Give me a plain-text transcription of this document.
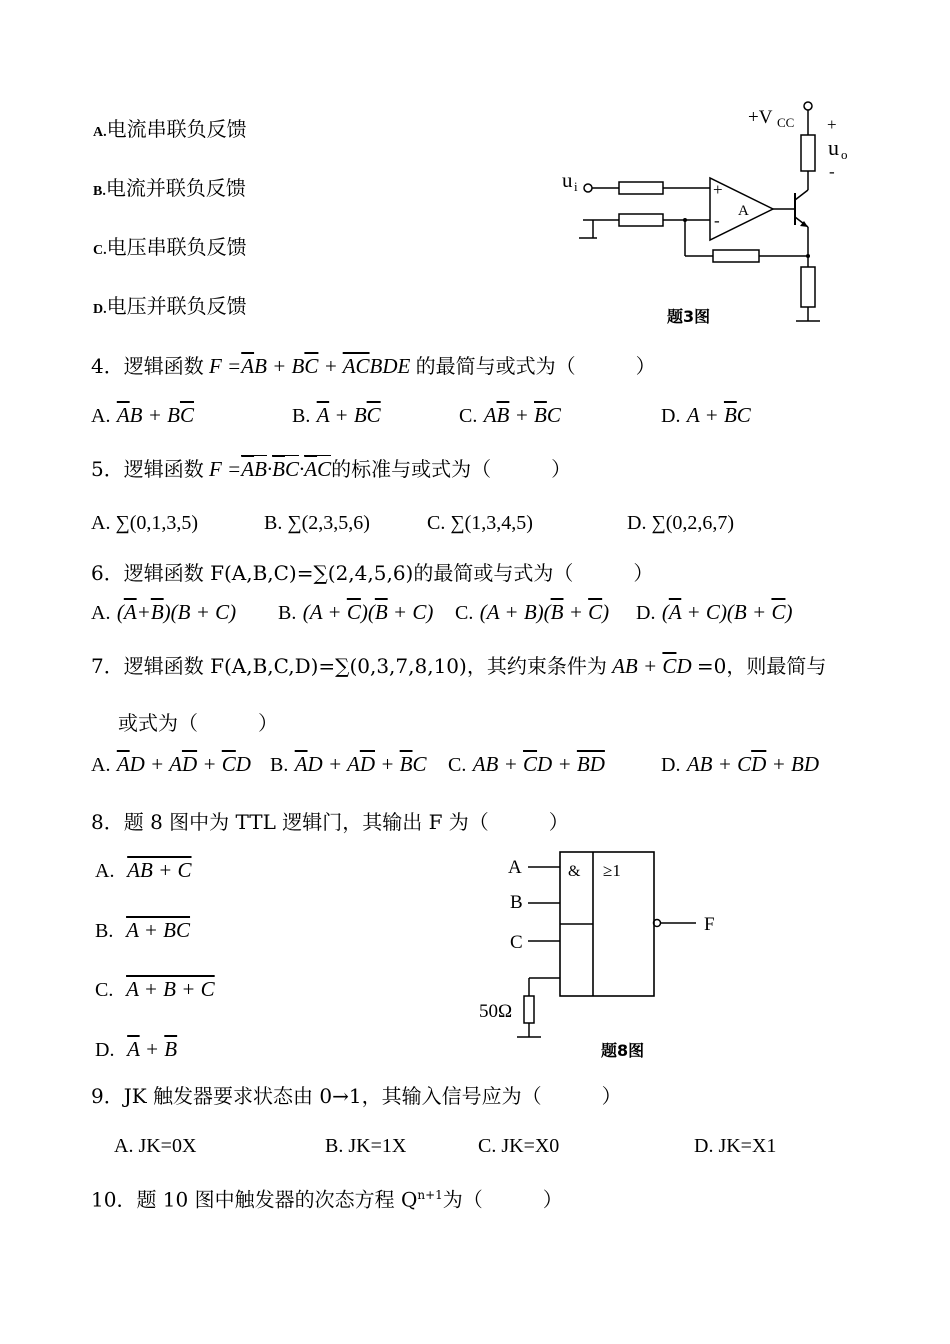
A.电流串联负反馈
B.电流并联负反馈
C.电压串联负反馈
D.电压并联负反馈
+V CC +
u o
-
+
- A
u i
题3图
4．逻辑函数 $F =\overline{A}B + B\overline{C} + \overline{AC}BDE$ 的最简与或式为（　　　）
A. $\overline{A}B + B\overline{C}$	B. $\overline{A} + B\overline{C}$	C. $A\overline{B} + \overline{B}C$	D. $A + \overline{B}C$
5．逻辑函数 $F =\overline{A}B\cdot\overline{B}C\cdot\overline{A}C$的标准与或式为（　　　）
A. ∑(0,1,3,5)	B. ∑(2,3,5,6)	C. ∑(1,3,4,5)	D. ∑(0,2,6,7)
6．逻辑函数 F(A,B,C)=∑(2,4,5,6)的最简或与式为（　　　）
A. $(\overline{A}+\overline{B})(B + C)$ B. $(A + \overline{C})(\overline{B} + C)$ C. $(A + B)(\overline{B} + \overline{C})$ D. $(\overline{A} + C)(B + \overline{C})$
7．逻辑函数 F(A,B,C,D)=∑(0,3,7,8,10)，其约束条件为 AB + $\overline{C}D =0$，则最简与
或式为（　　　）
A. $\overline{A}D + A\overline{D} + \overline{C}D$ B. $\overline{A}D + A\overline{D} + \overline{B}C$ C. AB + $\overline{C}D + \overline{BD}$	D. AB + $C\overline{D}$ + BD
8．题 8 图中为 TTL 逻辑门，其输出 F 为（　　　）
A. AB + C
B. A + BC
C. A + B + C
D. $\overline{A} + \overline{B}$
& ≥1
A
B
C
F
50Ω
题8图
9．JK 触发器要求状态由 0→1，其输入信号应为（　　　）
A. JK=0X	B. JK=1X	C. JK=X0	D. JK=X1
10．题 10 图中触发器的次态方程 $Q^{n+1}$为（　　　）
